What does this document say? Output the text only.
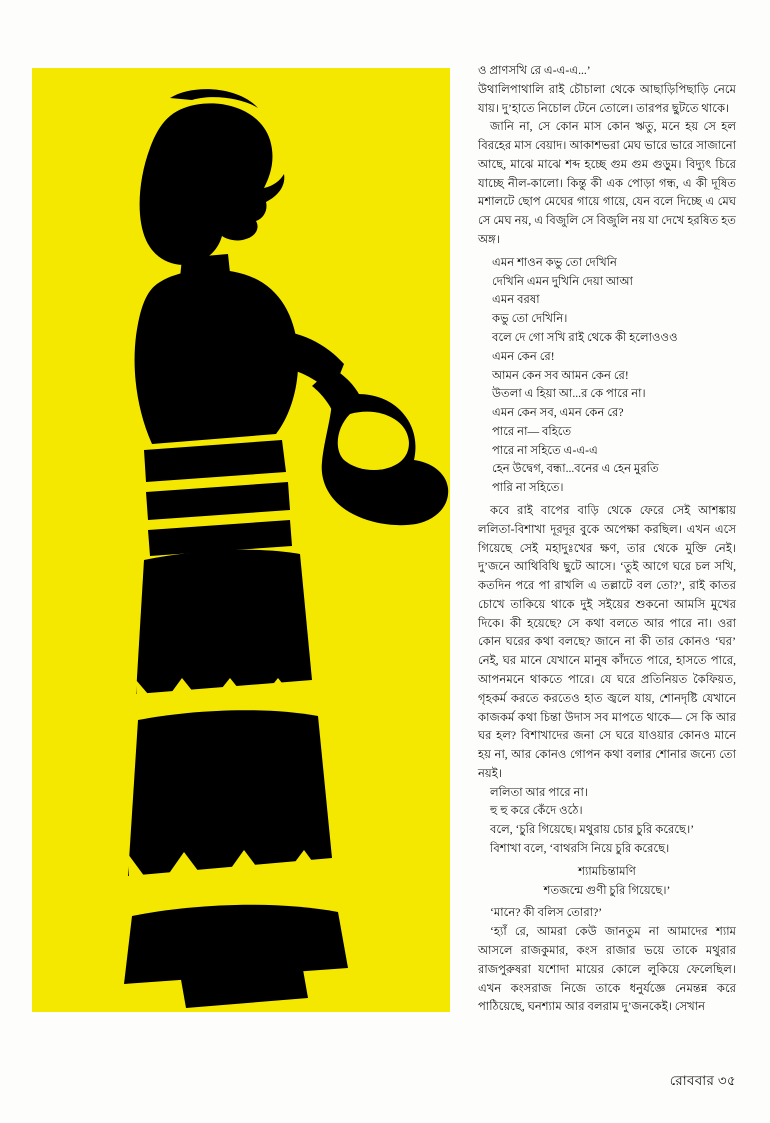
ও প্রাণসখি রে এ-এ-এ...’

উথালিপাথালি রাই চৌচালা থেকে আছাড়িপিছাড়ি নেমে যায়। দু’হাতে নিচোল টেনে তোলে। তারপর ছুটতে থাকে।

জানি না, সে কোন মাস কোন ঋতু, মনে হয় সে হল বিরহের মাস বেয়াদ। আকাশভরা মেঘ ভারে ভারে সাজানো আছে, মাঝে মাঝে শব্দ হচ্ছে গুম গুম গুড়ুম। বিদ্যুৎ চিরে যাচ্ছে নীল-কালো। কিন্তু কী এক পোড়া গন্ধ, এ কী দূষিত মশালটে ছোপ মেঘের গায়ে গায়ে, যেন বলে দিচ্ছে এ মেঘ সে মেঘ নয়, এ বিজুলি সে বিজুলি নয় যা দেখে হরষিত হত অঙ্গ।

এমন শাওন কভু তো দেখিনি
দেখিনি এমন দুখিনি দেয়া আআ
এমন বরষা
কভু তো দেখিনি।
বলে দে গো সখি রাই থেকে কী হলোওওও
এমন কেন রে!
আমন কেন সব আমন কেন রে!
উতলা এ হিয়া আ...র কে পারে না।
এমন কেন সব, এমন কেন রে?
পারে না— বহিতে
পারে না সহিতে এ-এ-এ
হেন উদ্বেগ, বন্ধা...বনের এ হেন মুরতি
পারি না সহিতে।

কবে রাই বাপের বাড়ি থেকে ফেরে সেই আশঙ্কায় ললিতা-বিশাখা দূরদূর বুকে অপেক্ষা করছিল। এখন এসে গিয়েছে সেই মহাদুঃখের ক্ষণ, তার থেকে মুক্তি নেই। দু’জনে আথিবিথি ছুটে আসে। ‘তুই আগে ঘরে চল সখি, কতদিন পরে পা রাখলি এ তল্লাটে বল তো?’, রাই কাতর চোখে তাকিয়ে থাকে দুই সইয়ের শুকনো আমসি মুখের দিকে। কী হয়েছে? সে কথা বলতে আর পারে না। ওরা কোন ঘরের কথা বলছে? জানে না কী তার কোনও ‘ঘর’ নেই, ঘর মানে যেখানে মানুষ কাঁদতে পারে, হাসতে পারে, আপনমনে থাকতে পারে। যে ঘরে প্রতিনিয়ত কৈফিয়ত, গৃহকর্ম করতে করতেও হাত জ্বলে যায়, শোনদৃষ্টি যেখানে কাজকর্ম কথা চিন্তা উদাস সব মাপতে থাকে— সে কি আর ঘর হল? বিশাখাদের জনা সে ঘরে যাওয়ার কোনও মানে হয় না, আর কোনও গোপন কথা বলার শোনার জন্যে তো নয়ই।

ললিতা আর পারে না।

হু হু করে কেঁদে ওঠে।

বলে, ‘চুরি গিয়েছে। মথুরায় চোর চুরি করেছে।’

বিশাখা বলে, ‘বাথরসি নিয়ে চুরি করেছে।

শ্যামচিন্তামণি
শতজন্মে গুণী চুরি গিয়েছে।’

‘মানে? কী বলিস তোরা?’

‘হ্যাঁ রে, আমরা কেউ জানতুম না আমাদের শ্যাম আসলে রাজকুমার, কংস রাজার ভয়ে তাকে মথুরার রাজপুরুষরা যশোদা মায়ের কোলে লুকিয়ে ফেলেছিল। এখন কংসরাজ নিজে তাকে ধনুর্যজ্ঞে নেমন্তন্ন করে পাঠিয়েছে, ঘনশ্যাম আর বলরাম দু’জনকেই। সেখান

রোববার ৩৫
